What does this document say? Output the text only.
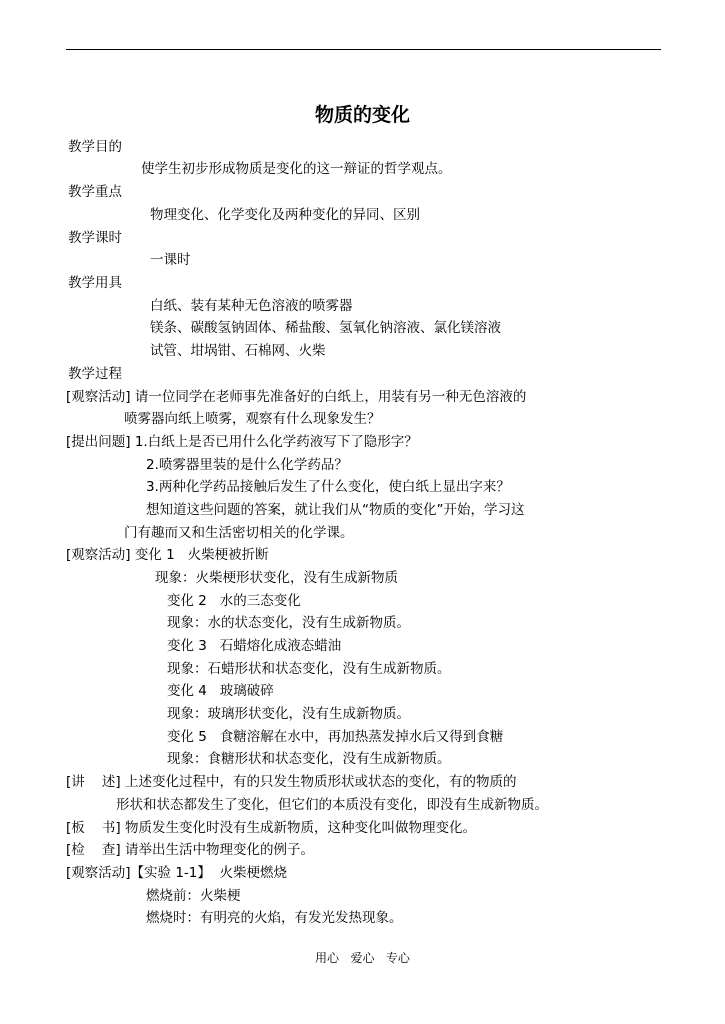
物质的变化
教学目的
使学生初步形成物质是变化的这一辩证的哲学观点。
教学重点
物理变化、化学变化及两种变化的异同、区别
教学课时
一课时
教学用具
白纸、装有某种无色溶液的喷雾器
镁条、碳酸氢钠固体、稀盐酸、氢氧化钠溶液、氯化镁溶液
试管、坩埚钳、石棉网、火柴
教学过程
[观察活动] 请一位同学在老师事先准备好的白纸上，用装有另一种无色溶液的
喷雾器向纸上喷雾，观察有什么现象发生？
[提出问题] 1.白纸上是否已用什么化学药液写下了隐形字？
2.喷雾器里装的是什么化学药品？
3.两种化学药品接触后发生了什么变化，使白纸上显出字来？
想知道这些问题的答案，就让我们从“物质的变化”开始，学习这
门有趣而又和生活密切相关的化学课。
[观察活动] 变化 1   火柴梗被折断
现象：火柴梗形状变化，没有生成新物质
变化 2   水的三态变化
现象：水的状态变化，没有生成新物质。
变化 3   石蜡熔化成液态蜡油
现象：石蜡形状和状态变化，没有生成新物质。
变化 4   玻璃破碎
现象：玻璃形状变化，没有生成新物质。
变化 5   食糖溶解在水中，再加热蒸发掉水后又得到食糖
现象：食糖形状和状态变化，没有生成新物质。
[讲    述] 上述变化过程中，有的只发生物质形状或状态的变化，有的物质的
形状和状态都发生了变化，但它们的本质没有变化，即没有生成新物质。
[板    书] 物质发生变化时没有生成新物质，这种变化叫做物理变化。
[检    查] 请举出生活中物理变化的例子。
[观察活动]【实验 1-1】  火柴梗燃烧
燃烧前：火柴梗
燃烧时：有明亮的火焰，有发光发热现象。
用心   爱心   专心
